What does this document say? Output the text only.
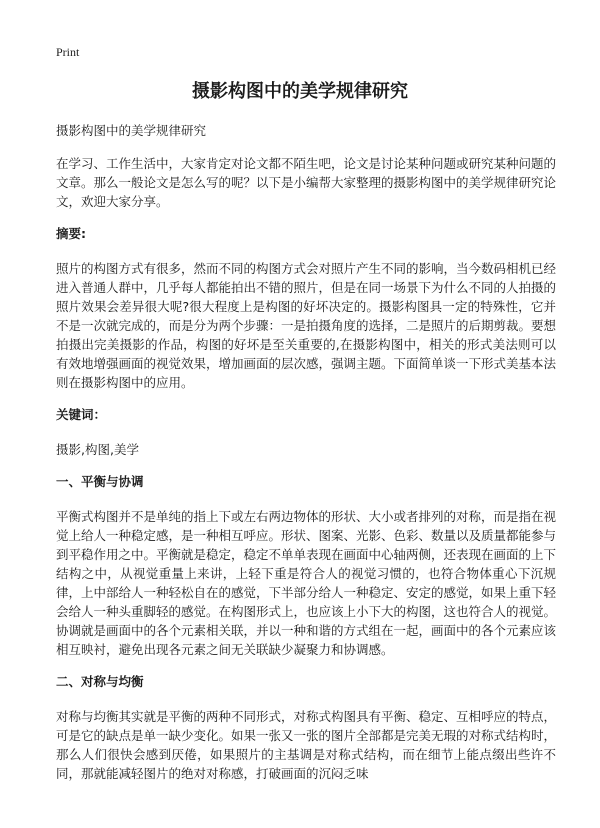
Print
摄影构图中的美学规律研究
摄影构图中的美学规律研究

在学习、工作生活中，大家肯定对论文都不陌生吧，论文是讨论某种问题或研究某种问题的文章。那么一般论文是怎么写的呢？以下是小编帮大家整理的摄影构图中的美学规律研究论文，欢迎大家分享。

摘要:

照片的构图方式有很多，然而不同的构图方式会对照片产生不同的影响，当今数码相机已经进入普通人群中，几乎每人都能拍出不错的照片，但是在同一场景下为什么不同的人拍摄的照片效果会差异很大呢?很大程度上是构图的好坏决定的。摄影构图具一定的特殊性，它并不是一次就完成的，而是分为两个步骤：一是拍摄角度的选择，二是照片的后期剪裁。要想拍摄出完美摄影的作品，构图的好坏是至关重要的,在摄影构图中，相关的形式美法则可以有效地增强画面的视觉效果，增加画面的层次感，强调主题。下面简单谈一下形式美基本法则在摄影构图中的应用。

关键词：

摄影,构图,美学

一、平衡与协调

平衡式构图并不是单纯的指上下或左右两边物体的形状、大小或者排列的对称，而是指在视觉上给人一种稳定感，是一种相互呼应。形状、图案、光影、色彩、数量以及质量都能参与到平稳作用之中。平衡就是稳定，稳定不单单表现在画面中心轴两侧，还表现在画面的上下结构之中，从视觉重量上来讲，上轻下重是符合人的视觉习惯的，也符合物体重心下沉规律，上中部给人一种轻松自在的感觉，下半部分给人一种稳定、安定的感觉，如果上重下轻会给人一种头重脚轻的感觉。在构图形式上，也应该上小下大的构图，这也符合人的视觉。协调就是画面中的各个元素相关联，并以一种和谐的方式组在一起，画面中的各个元素应该相互映衬，避免出现各元素之间无关联缺少凝聚力和协调感。

二、对称与均衡

对称与均衡其实就是平衡的两种不同形式，对称式构图具有平衡、稳定、互相呼应的特点，可是它的缺点是单一缺少变化。如果一张又一张的图片全部都是完美无瑕的对称式结构时，那么人们很快会感到厌倦，如果照片的主基调是对称式结构，而在细节上能点缀出些许不同，那就能减轻图片的绝对对称感，打破画面的沉闷乏味
